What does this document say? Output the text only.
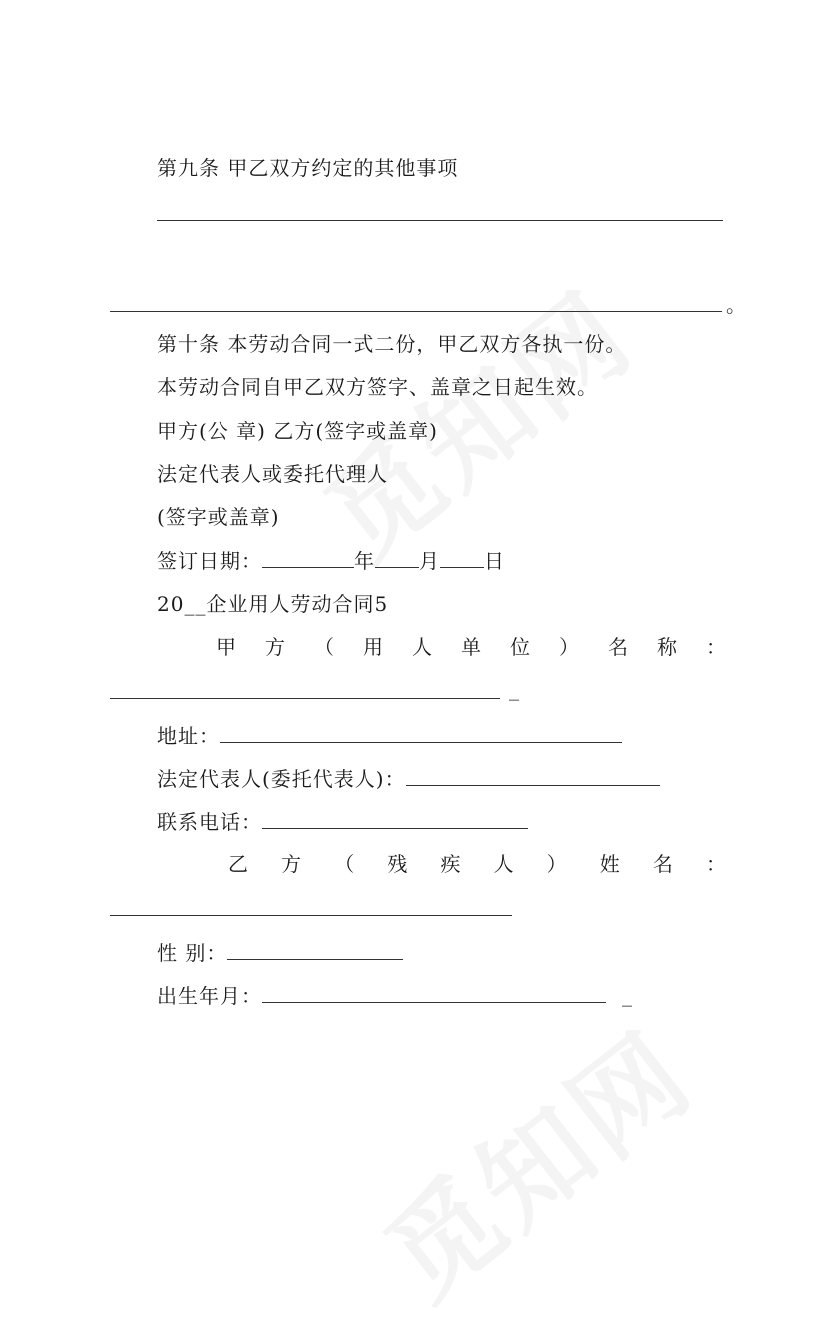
第九条 甲乙双方约定的其他事项
。
第十条 本劳动合同一式二份，甲乙双方各执一份。
本劳动合同自甲乙双方签字、盖章之日起生效。
甲方(公 章) 乙方(签字或盖章)
法定代表人或委托代理人
(签字或盖章)
签订日期：	年 月 日
20__企业用人劳动合同5
甲 方 （ 用 人 单 位 ） 名 称 ：
_
地址：
法定代表人(委托代表人)：
联系电话：
乙 方 （ 残 疾 人 ） 姓 名 ：
性 别：
出生年月：	_
